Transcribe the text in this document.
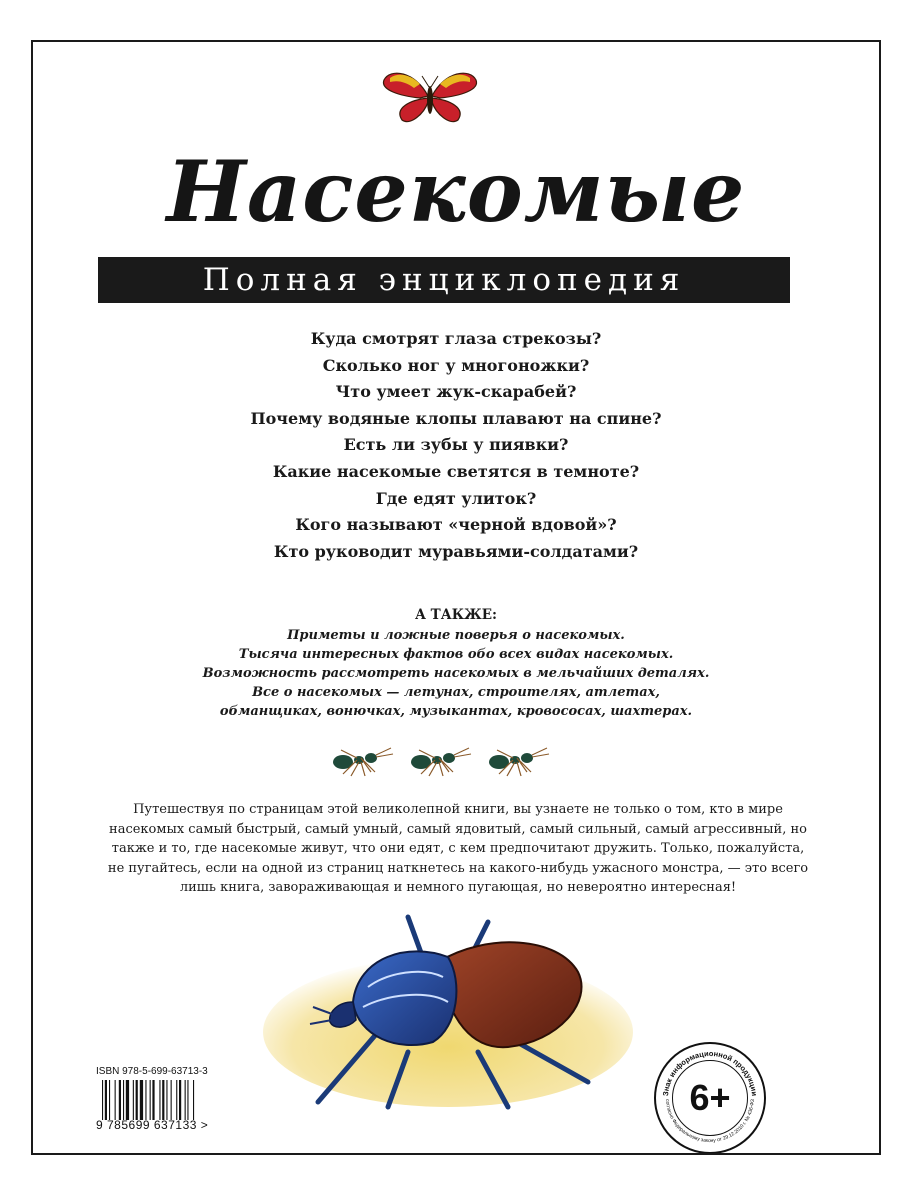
Насекомые
Полная энциклопедия
Куда смотрят глаза стрекозы?
Сколько ног у многоножки?
Что умеет жук-скарабей?
Почему водяные клопы плавают на спине?
Есть ли зубы у пиявки?
Какие насекомые светятся в темноте?
Где едят улиток?
Кого называют «черной вдовой»?
Кто руководит муравьями-солдатами?
А ТАКЖЕ:
Приметы и ложные поверья о насекомых.
Тысяча интересных фактов обо всех видах насекомых.
Возможность рассмотреть насекомых в мельчайших деталях.
Все о насекомых — летунах, строителях, атлетах,
обманщиках, вонючках, музыкантах, кровососах, шахтерах.

Путешествуя по страницам этой великолепной книги, вы узнаете не только о том, кто в мире
насекомых самый быстрый, самый умный, самый ядовитый, самый сильный, самый агрессивный, но
также и то, где насекомые живут, что они едят, с кем предпочитают дружить. Только, пожалуйста,
не пугайтесь, если на одной из страниц наткнетесь на какого-нибудь ужасного монстра, — это всего
лишь книга, завораживающая и немного пугающая, но невероятно интересная!

ISBN 978-5-699-63713-3
9 785699 637133 >
Знак информационной продукции
согласно Федеральному закону от 29.12.2010 г. № 436-ФЗ
6+
